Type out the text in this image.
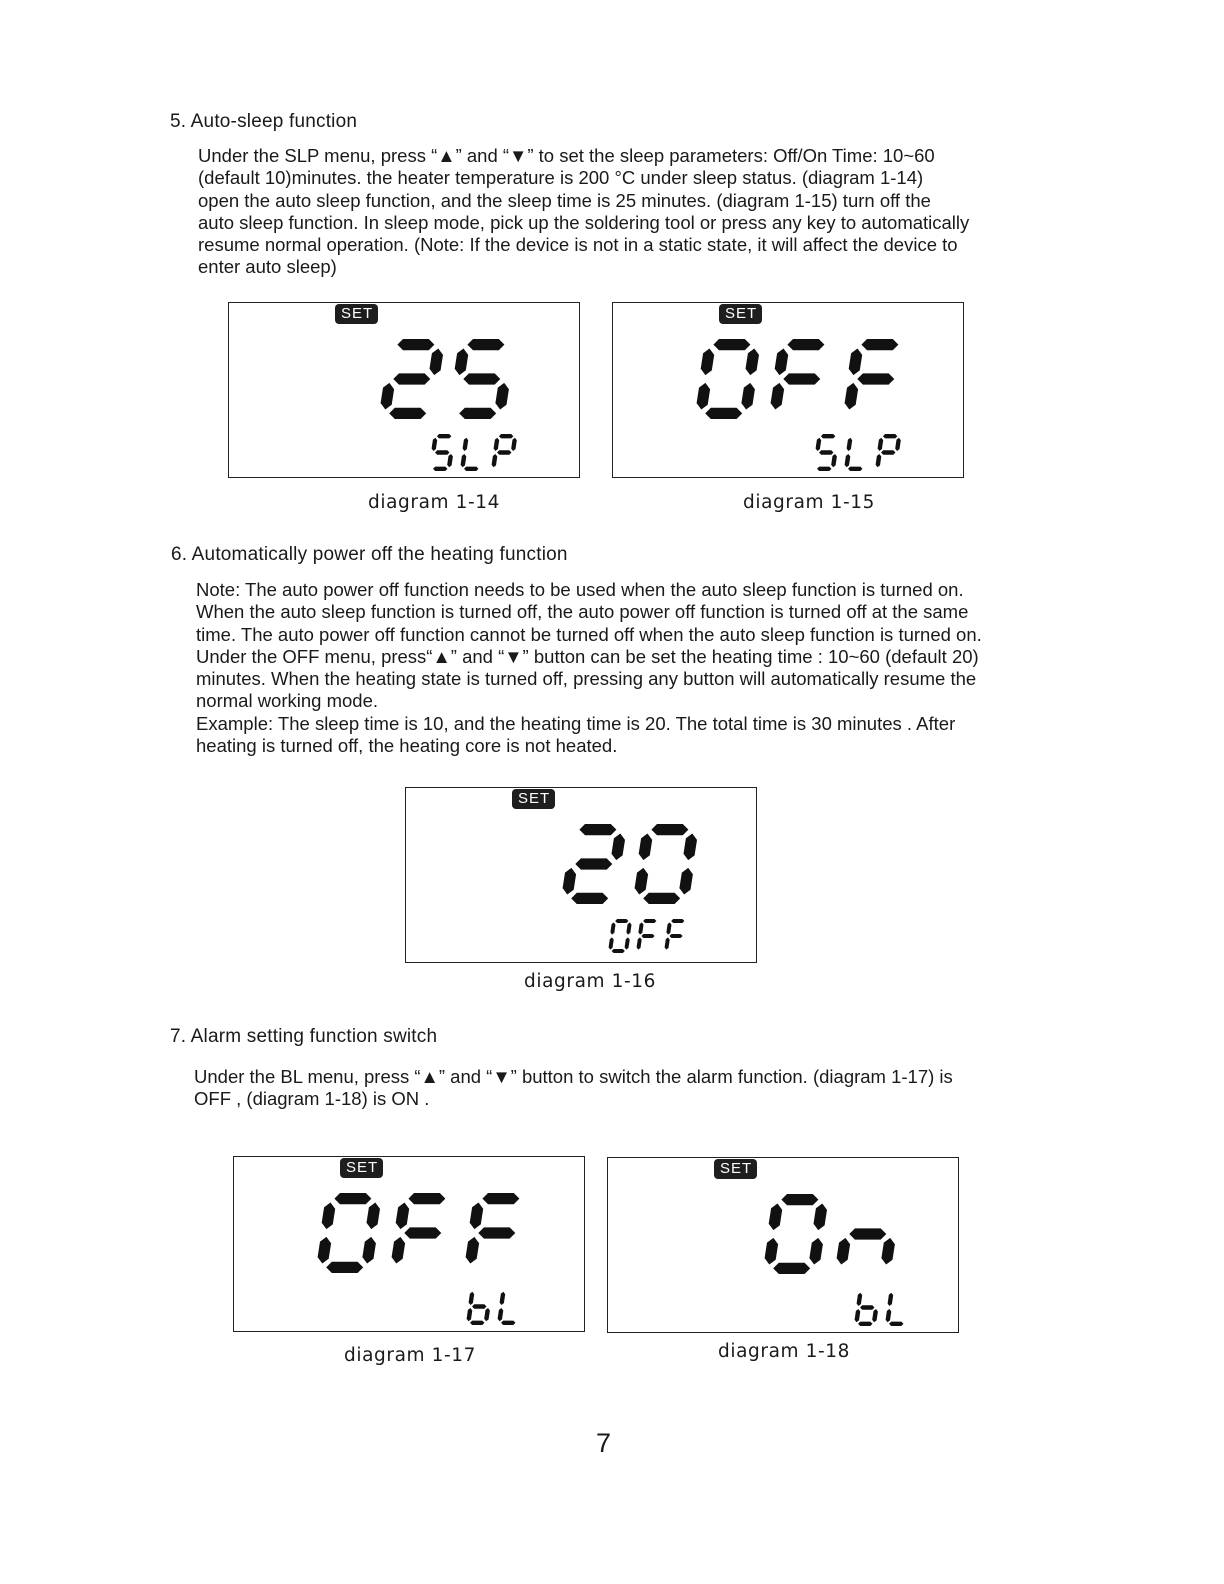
5. Auto-sleep function

Under the SLP menu, press “▲” and “▼” to set the sleep parameters: Off/On Time: 10~60

(default 10)minutes. the heater temperature is 200 °C under sleep status. (diagram 1-14)

open the auto sleep function, and the sleep time is 25 minutes. (diagram 1-15) turn off the

auto sleep function. In sleep mode, pick up the soldering tool or press any key to automatically

resume normal operation. (Note: If the device is not in a static state, it will affect the device to

enter auto sleep)

SET
diagram 1-14
SET
diagram 1-15
6. Automatically power off the heating function

Note: The auto power off function needs to be used when the auto sleep function is turned on.

When the auto sleep function is turned off, the auto power off function is turned off at the same

time. The auto power off function cannot be turned off when the auto sleep function is turned on.

Under the OFF menu, press“▲” and “▼” button can be set the heating time : 10~60 (default 20)

minutes. When the heating state is turned off, pressing any button will automatically resume the

normal working mode.

Example: The sleep time is 10, and the heating time is 20. The total time is 30 minutes . After

heating is turned off, the heating core is not heated.

SET
diagram 1-16
7. Alarm setting function switch

Under the BL menu, press “▲” and “▼” button to switch the alarm function. (diagram 1-17) is

OFF , (diagram 1-18) is ON .

SET
diagram 1-17
SET
diagram 1-18
7
